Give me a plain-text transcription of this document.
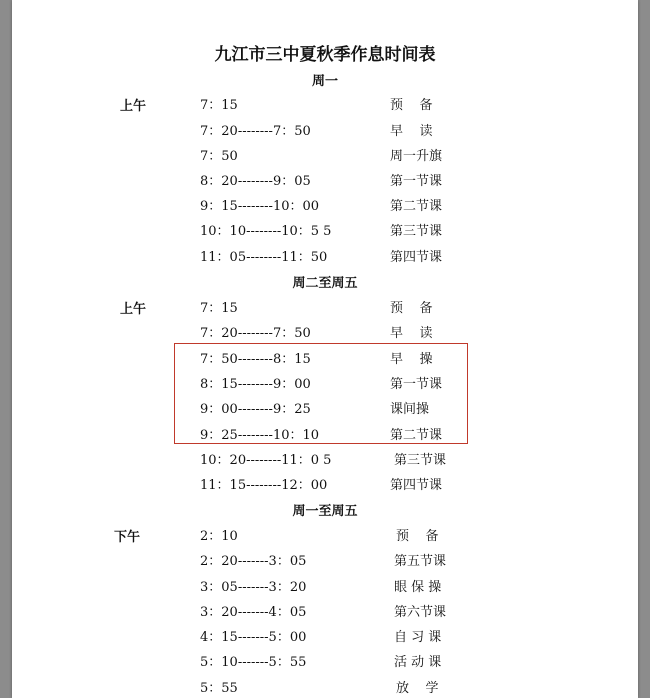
九江市三中夏秋季作息时间表
周一
上午	7：15	预    备
7：20--------7：50	早    读
7：50	周一升旗
8：20--------9：05	第一节课
9：15--------10：00	第二节课
10：10--------10：5 5	第三节课
11：05--------11：50	第四节课
周二至周五
上午	7：15	预    备
7：20--------7：50	早    读
7：50--------8：15	早    操
8：15--------9：00	第一节课
9：00--------9：25	课间操
9：25--------10：10	第二节课
10：20--------11：0 5	第三节课
11：15--------12：00	第四节课
周一至周五
下午	2：10	预    备
2：20-------3：05	第五节课
3：05-------3：20	眼 保 操
3：20-------4：05	第六节课
4：15-------5：00	自 习 课
5：10-------5：55	活 动 课
5：55	放    学
